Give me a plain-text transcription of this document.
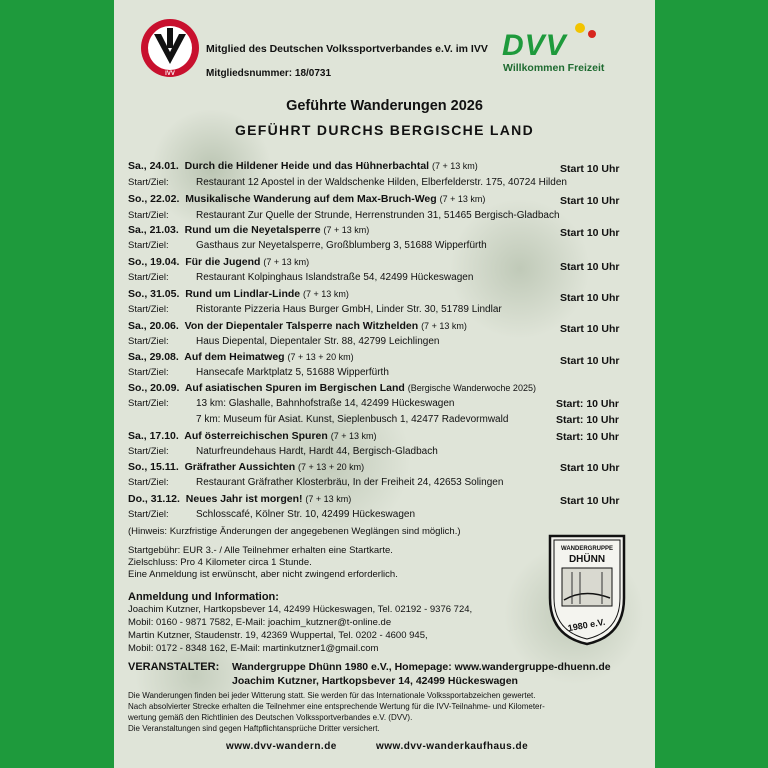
IVV
Mitglied des Deutschen Volkssportverbandes e.V. im IVV
Mitgliedsnummer: 18/0731
DVV
Willkommen Freizeit
Geführte Wanderungen 2026
GEFÜHRT DURCHS BERGISCHE LAND
Sa., 24.01. Durch die Hildener Heide und das Hühnerbachtal (7 + 13 km)	Start 10 Uhr
Start/Ziel:	Restaurant 12 Apostel in der Waldschenke Hilden, Elberfelderstr. 175, 40724 Hilden
So., 22.02. Musikalische Wanderung auf dem Max-Bruch-Weg (7 + 13 km)	Start 10 Uhr
Start/Ziel:	Restaurant Zur Quelle der Strunde, Herrenstrunden 31, 51465 Bergisch-Gladbach
Sa., 21.03. Rund um die Neyetalsperre (7 + 13 km)	Start 10 Uhr
Start/Ziel:	Gasthaus zur Neyetalsperre, Großblumberg 3, 51688 Wipperfürth
So., 19.04. Für die Jugend (7 + 13 km)	Start 10 Uhr
Start/Ziel:	Restaurant Kolpinghaus Islandstraße 54, 42499 Hückeswagen
So., 31.05. Rund um Lindlar-Linde (7 + 13 km)	Start 10 Uhr
Start/Ziel:	Ristorante Pizzeria Haus Burger GmbH, Linder Str. 30, 51789 Lindlar
Sa., 20.06. Von der Diepentaler Talsperre nach Witzhelden (7 + 13 km)	Start 10 Uhr
Start/Ziel:	Haus Diepental, Diepentaler Str. 88, 42799 Leichlingen
Sa., 29.08. Auf dem Heimatweg (7 + 13 + 20 km)	Start 10 Uhr
Start/Ziel:	Hansecafe Marktplatz 5, 51688 Wipperfürth
So., 20.09. Auf asiatischen Spuren im Bergischen Land (Bergische Wanderwoche 2025)
Start/Ziel:	13 km: Glashalle, Bahnhofstraße 14, 42499 Hückeswagen	Start: 10 Uhr
7 km: Museum für Asiat. Kunst, Sieplenbusch 1, 42477 Radevormwald	Start: 10 Uhr
Sa., 17.10. Auf österreichischen Spuren (7 + 13 km)	Start: 10 Uhr
Start/Ziel:	Naturfreundehaus Hardt, Hardt 44, Bergisch-Gladbach
So., 15.11. Gräfrather Aussichten (7 + 13 + 20 km)	Start 10 Uhr
Start/Ziel:	Restaurant Gräfrather Klosterbräu, In der Freiheit 24, 42653 Solingen
Do., 31.12. Neues Jahr ist morgen! (7 + 13 km)	Start 10 Uhr
Start/Ziel:	Schlosscafé, Kölner Str. 10, 42499 Hückeswagen
(Hinweis: Kurzfristige Änderungen der angegebenen Weglängen sind möglich.)
Startgebühr: EUR 3.- / Alle Teilnehmer erhalten eine Startkarte.
Zielschluss: Pro 4 Kilometer circa 1 Stunde.
Eine Anmeldung ist erwünscht, aber nicht zwingend erforderlich.
Anmeldung und Information:
Joachim Kutzner, Hartkopsbever 14, 42499 Hückeswagen, Tel. 02192 - 9376 724,
Mobil: 0160 - 9871 7582, E-Mail: joachim_kutzner@t-online.de
Martin Kutzner, Staudenstr. 19, 42369 Wuppertal, Tel. 0202 - 4600 945,
Mobil: 0172 - 8348 162, E-Mail: martinkutzner1@gmail.com
VERANSTALTER: Wandergruppe Dhünn 1980 e.V., Homepage: www.wandergruppe-dhuenn.de
Joachim Kutzner, Hartkopsbever 14, 42499 Hückeswagen
Die Wanderungen finden bei jeder Witterung statt. Sie werden für das Internationale Volkssportabzeichen gewertet.
Nach absolvierter Strecke erhalten die Teilnehmer eine entsprechende Wertung für die IVV-Teilnahme- und Kilometer-
wertung gemäß den Richtlinien des Deutschen Volkssportverbandes e.V. (DVV).
Die Veranstaltungen sind gegen Haftpflichtansprüche Dritter versichert.
www.dvv-wandern.de	www.dvv-wanderkaufhaus.de
WANDERGRUPPE
DHÜNN
1980 e.V.
